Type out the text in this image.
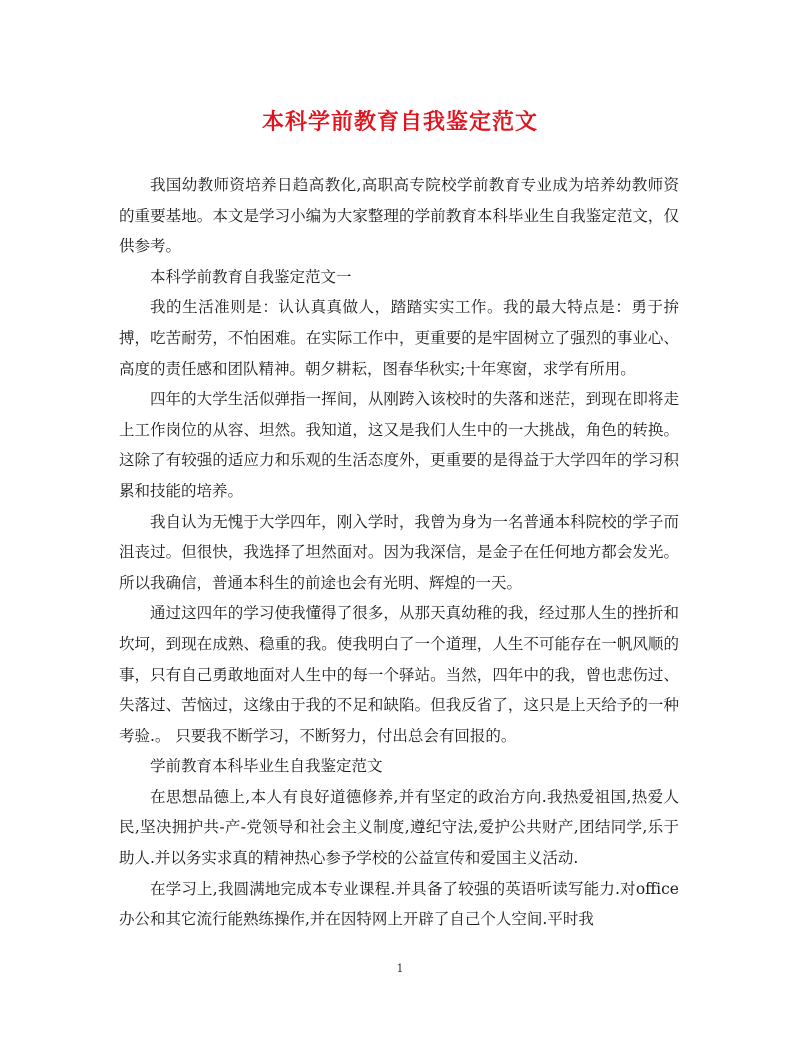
本科学前教育自我鉴定范文

我国幼教师资培养日趋高教化,高职高专院校学前教育专业成为培养幼教师资的重要基地。本文是学习小编为大家整理的学前教育本科毕业生自我鉴定范文，仅供参考。

本科学前教育自我鉴定范文一

我的生活准则是：认认真真做人，踏踏实实工作。我的最大特点是：勇于拚搏，吃苦耐劳，不怕困难。在实际工作中，更重要的是牢固树立了强烈的事业心、高度的责任感和团队精神。朝夕耕耘，图春华秋实;十年寒窗，求学有所用。

四年的大学生活似弹指一挥间，从刚跨入该校时的失落和迷茫，到现在即将走上工作岗位的从容、坦然。我知道，这又是我们人生中的一大挑战，角色的转换。这除了有较强的适应力和乐观的生活态度外，更重要的是得益于大学四年的学习积累和技能的培养。

我自认为无愧于大学四年，刚入学时，我曾为身为一名普通本科院校的学子而沮丧过。但很快，我选择了坦然面对。因为我深信，是金子在任何地方都会发光。所以我确信，普通本科生的前途也会有光明、辉煌的一天。

通过这四年的学习使我懂得了很多，从那天真幼稚的我，经过那人生的挫折和坎坷，到现在成熟、稳重的我。使我明白了一个道理，人生不可能存在一帆风顺的事，只有自己勇敢地面对人生中的每一个驿站。当然，四年中的我，曾也悲伤过、失落过、苦恼过，这缘由于我的不足和缺陷。但我反省了，这只是上天给予的一种考验.。 只要我不断学习，不断努力，付出总会有回报的。

学前教育本科毕业生自我鉴定范文

在思想品德上,本人有良好道德修养,并有坚定的政治方向.我热爱祖国,热爱人民,坚决拥护共-产-党领导和社会主义制度,遵纪守法,爱护公共财产,团结同学,乐于助人.并以务实求真的精神热心参予学校的公益宣传和爱国主义活动.

在学习上,我圆满地完成本专业课程.并具备了较强的英语听读写能力.对office办公和其它流行能熟练操作,并在因特网上开辟了自己个人空间.平时我

1
